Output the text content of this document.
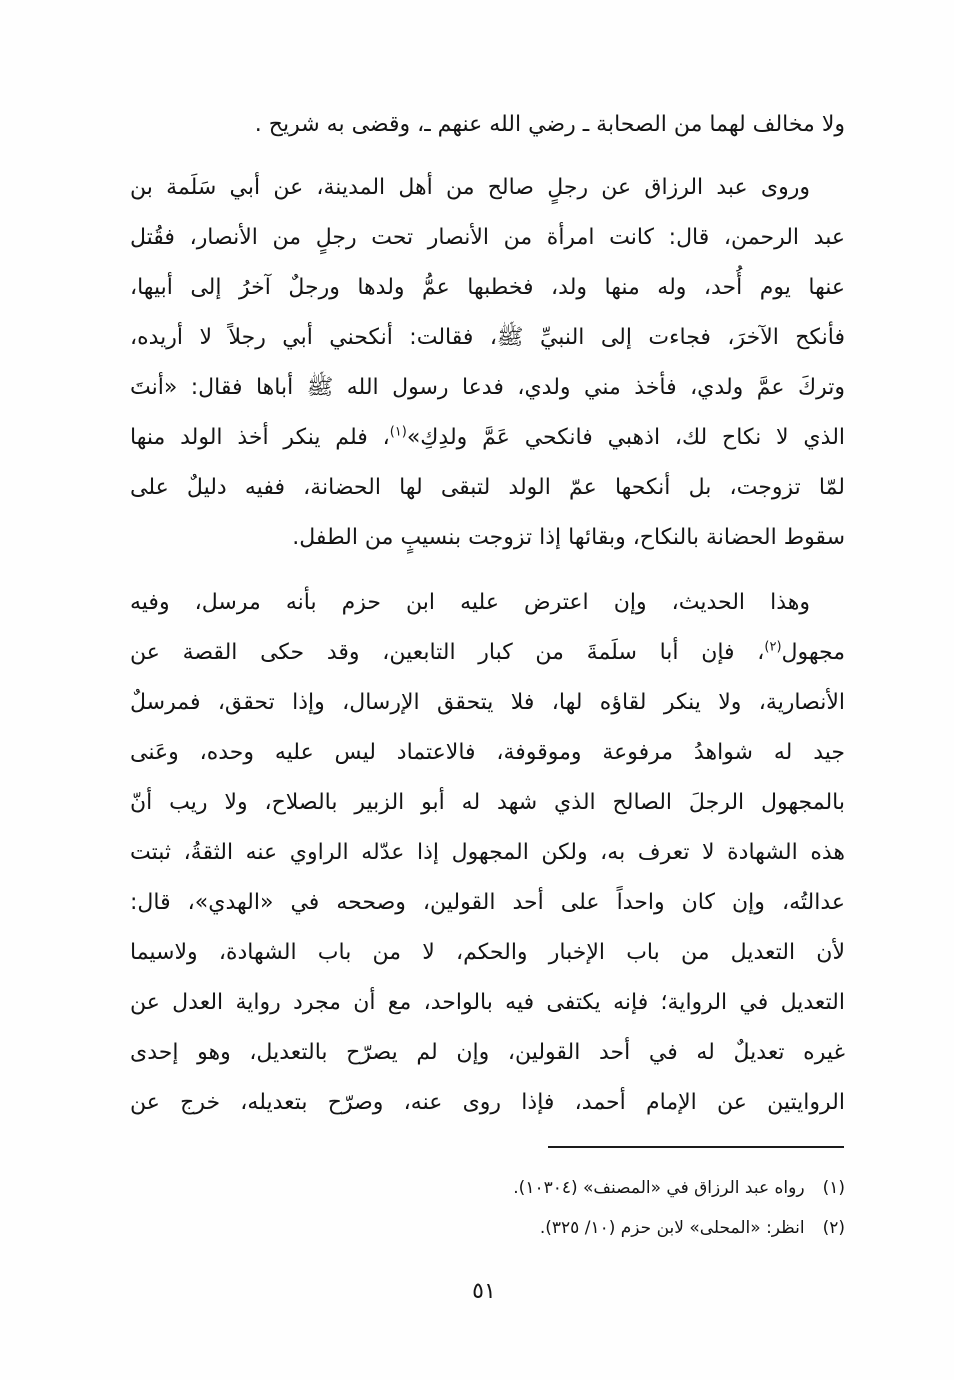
ولا مخالف لهما من الصحابة ـ رضي الله عنهم ـ، وقضى به شريح .
وروى عبد الرزاق عن رجلٍ صالح من أهل المدينة، عن أبي سَلَمة بن
عبد الرحمن، قال: كانت امرأة من الأنصار تحت رجلٍ من الأنصار، فقُتل
عنها يوم أُحد، وله منها ولد، فخطبها عمُّ ولدها ورجلٌ آخرُ إلى أبيها،
فأنكح الآخرَ، فجاءت إلى النبيِّ ﷺ، فقالت: أنكحني أبي رجلاً لا أريده،
وتركَ عمَّ ولدي، فأخذ مني ولدي، فدعا رسول الله ﷺ أباها فقال: «أنتَ
الذي لا نكاح لك، اذهبي فانكحي عَمَّ ولدِكِ»$^{(١)}$، فلم ينكر أخذ الولد منها
لمّا تزوجت، بل أنكحها عمّ الولد لتبقى لها الحضانة، ففيه دليلٌ على
سقوط الحضانة بالنكاح، وبقائها إذا تزوجت بنسيبٍ من الطفل.
وهذا الحديث، وإن اعترض عليه ابن حزم بأنه مرسل، وفيه
مجهول$^{(٢)}$، فإن أبا سلَمةَ من كبار التابعين، وقد حكى القصة عن
الأنصارية، ولا ينكر لقاؤه لها، فلا يتحقق الإرسال، وإذا تحقق، فمرسلٌ
جيد له شواهدُ مرفوعة وموقوفة، فالاعتماد ليس عليه وحده، وعَنى
بالمجهول الرجلَ الصالح الذي شهد له أبو الزبير بالصلاح، ولا ريب أنّ
هذه الشهادة لا تعرف به، ولكن المجهول إذا عدّله الراوي عنه الثقةُ، ثبتت
عدالتُه، وإن كان واحداً على أحد القولين، وصححه في «الهدي»، قال:
لأن التعديل من باب الإخبار والحكم، لا من باب الشهادة، ولاسيما
التعديل في الرواية؛ فإنه يكتفى فيه بالواحد، مع أن مجرد رواية العدل عن
غيره تعديلٌ له في أحد القولين، وإن لم يصرّح بالتعديل، وهو إحدى
الروايتين عن الإمام أحمد، فإذا روى عنه، وصرّح بتعديله، خرج عن
(١)رواه عبد الرزاق في «المصنف» (١٠٣٠٤).
(٢)انظر: «المحلى» لابن حزم (١٠/ ٣٢٥).
٥١
